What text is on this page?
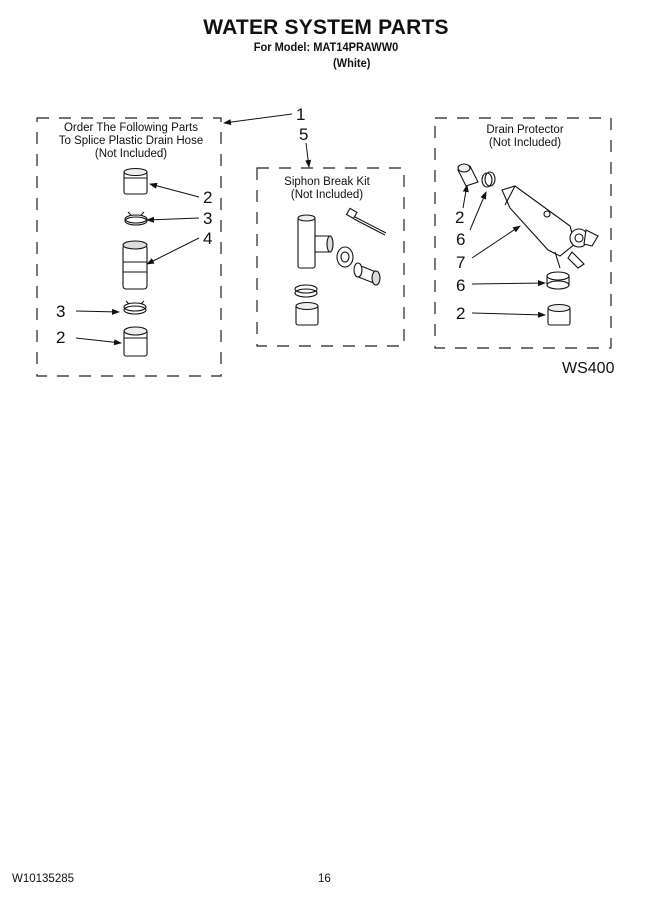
WATER SYSTEM PARTS
For Model: MAT14PRAWW0
(White)
Order The Following Parts
To Splice Plastic Drain Hose
(Not Included)
Siphon Break Kit
(Not Included)
Drain Protector
(Not Included)
1
5
2
3
4
3
2
2
6
7
6
2
WS400
W10135285	16
